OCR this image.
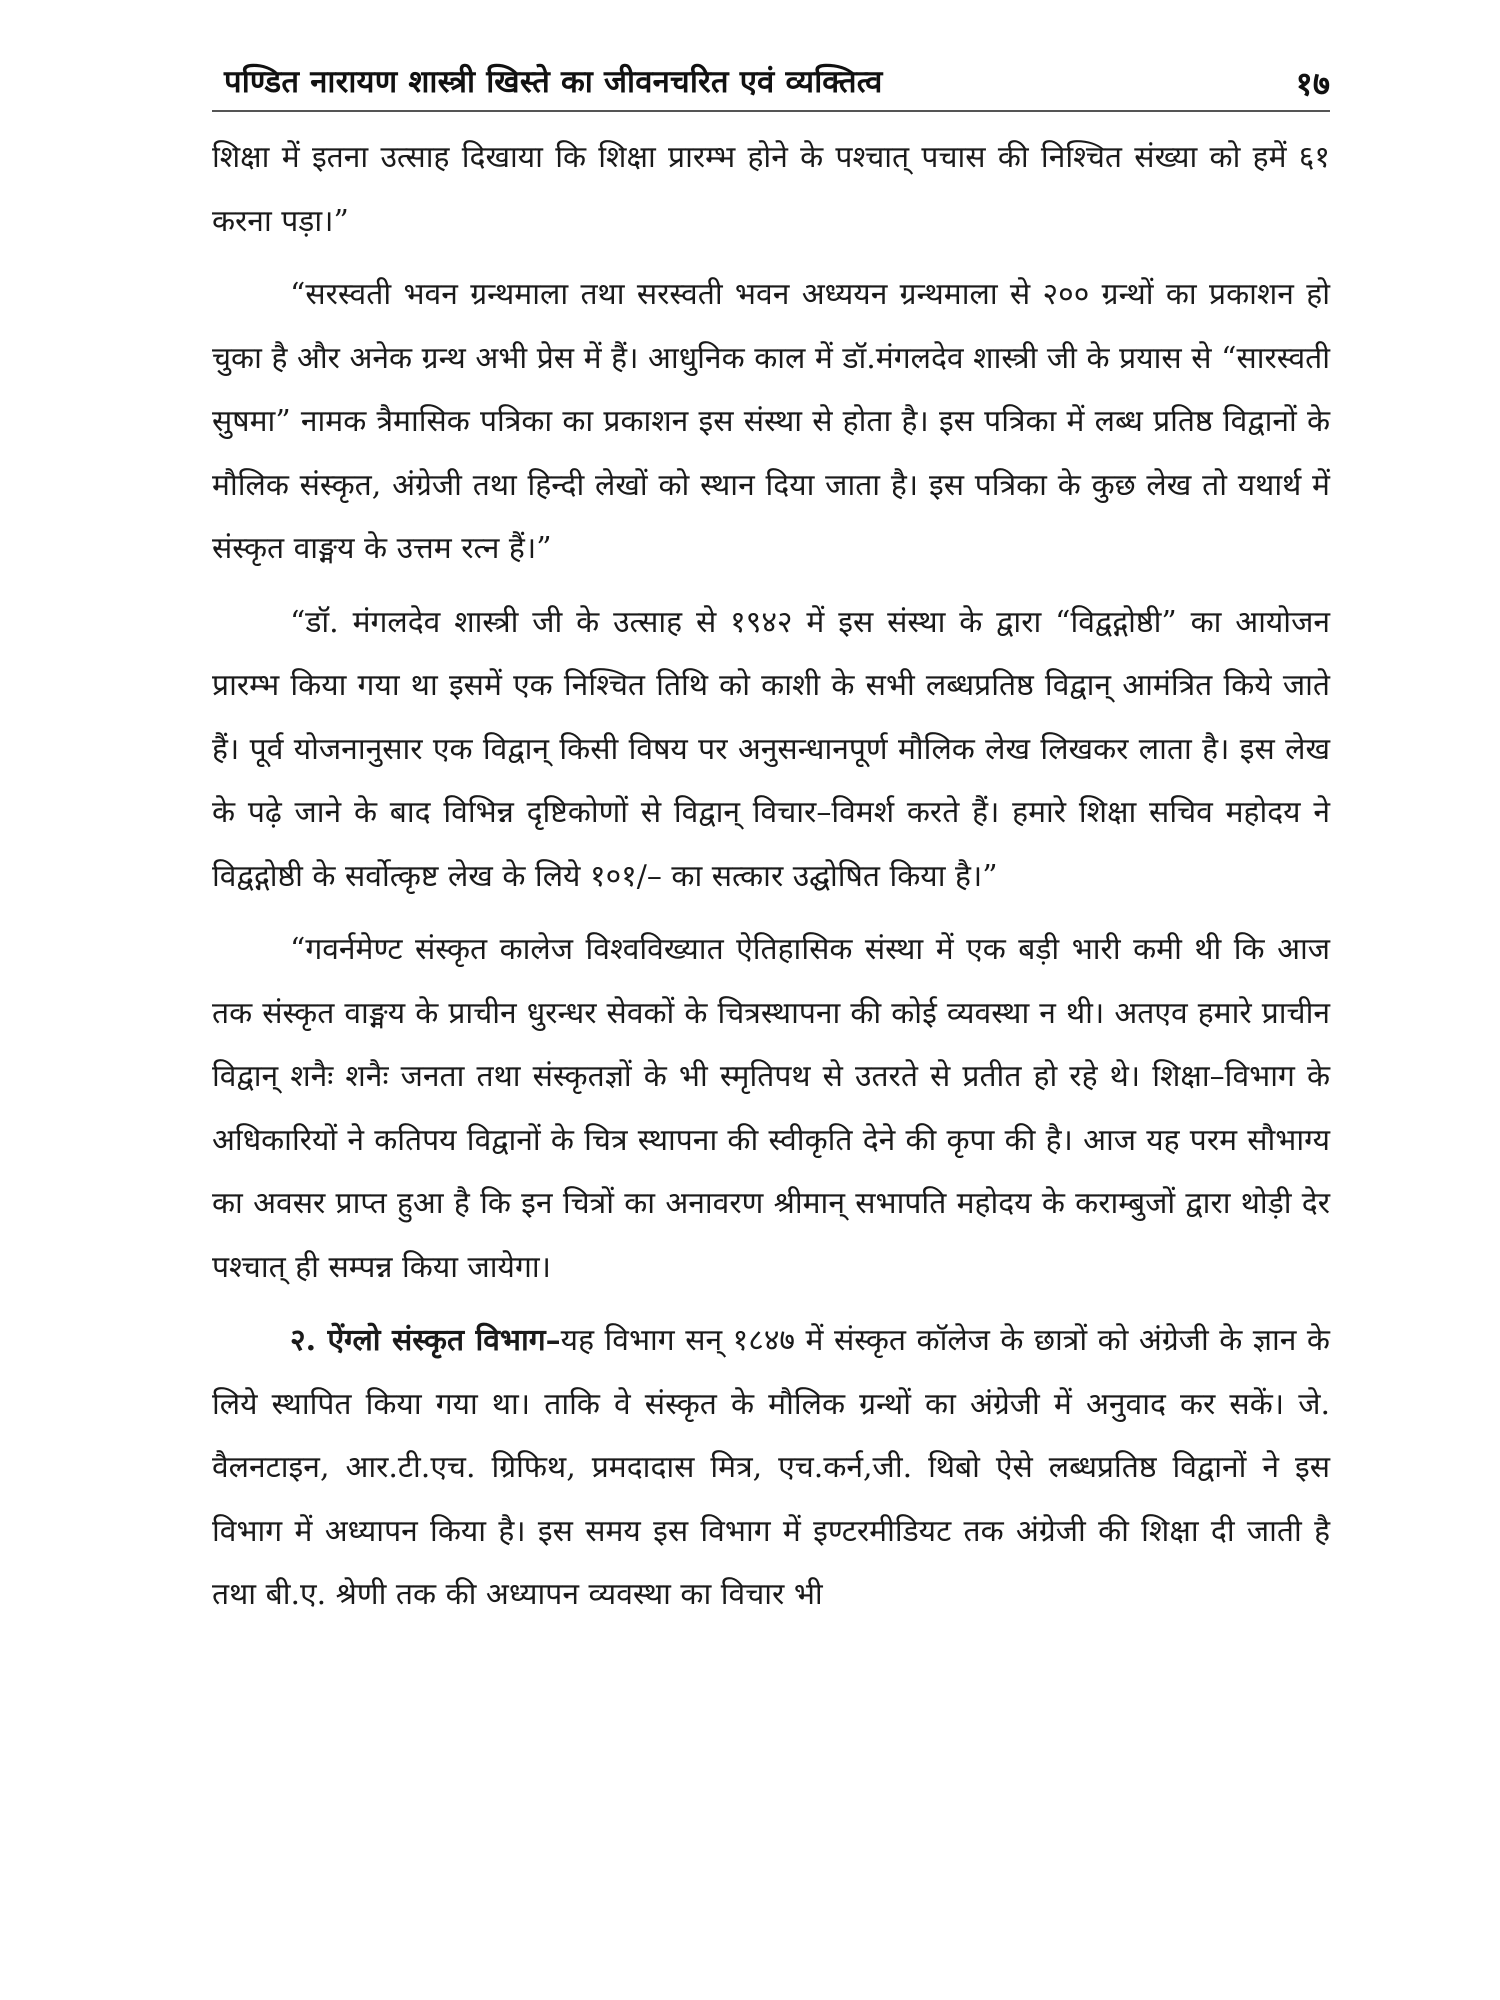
पण्डित नारायण शास्त्री खिस्ते का जीवनचरित एवं व्यक्तित्व	१७

शिक्षा में इतना उत्साह दिखाया कि शिक्षा प्रारम्भ होने के पश्चात् पचास की निश्चित संख्या को हमें ६१ करना पड़ा।”

“सरस्वती भवन ग्रन्थमाला तथा सरस्वती भवन अध्ययन ग्रन्थमाला से २०० ग्रन्थों का प्रकाशन हो चुका है और अनेक ग्रन्थ अभी प्रेस में हैं। आधुनिक काल में डॉ.मंगलदेव शास्त्री जी के प्रयास से “सारस्वती सुषमा” नामक त्रैमासिक पत्रिका का प्रकाशन इस संस्था से होता है। इस पत्रिका में लब्ध प्रतिष्ठ विद्वानों के मौलिक संस्कृत, अंग्रेजी तथा हिन्दी लेखों को स्थान दिया जाता है। इस पत्रिका के कुछ लेख तो यथार्थ में संस्कृत वाङ्मय के उत्तम रत्न हैं।”

“डॉ. मंगलदेव शास्त्री जी के उत्साह से १९४२ में इस संस्था के द्वारा “विद्वद्गोष्ठी” का आयोजन प्रारम्भ किया गया था इसमें एक निश्चित तिथि को काशी के सभी लब्धप्रतिष्ठ विद्वान् आमंत्रित किये जाते हैं। पूर्व योजनानुसार एक विद्वान् किसी विषय पर अनुसन्धानपूर्ण मौलिक लेख लिखकर लाता है। इस लेख के पढ़े जाने के बाद विभिन्न दृष्टिकोणों से विद्वान् विचार–विमर्श करते हैं। हमारे शिक्षा सचिव महोदय ने विद्वद्गोष्ठी के सर्वोत्कृष्ट लेख के लिये १०१/– का सत्कार उद्घोषित किया है।”

“गवर्नमेण्ट संस्कृत कालेज विश्वविख्यात ऐतिहासिक संस्था में एक बड़ी भारी कमी थी कि आज तक संस्कृत वाङ्मय के प्राचीन धुरन्धर सेवकों के चित्रस्थापना की कोई व्यवस्था न थी। अतएव हमारे प्राचीन विद्वान् शनैः शनैः जनता तथा संस्कृतज्ञों के भी स्मृतिपथ से उतरते से प्रतीत हो रहे थे। शिक्षा–विभाग के अधिकारियों ने कतिपय विद्वानों के चित्र स्थापना की स्वीकृति देने की कृपा की है। आज यह परम सौभाग्य का अवसर प्राप्त हुआ है कि इन चित्रों का अनावरण श्रीमान् सभापति महोदय के कराम्बुजों द्वारा थोड़ी देर पश्चात् ही सम्पन्न किया जायेगा।

२. ऐंग्लो संस्कृत विभाग–यह विभाग सन् १८४७ में संस्कृत कॉलेज के छात्रों को अंग्रेजी के ज्ञान के लिये स्थापित किया गया था। ताकि वे संस्कृत के मौलिक ग्रन्थों का अंग्रेजी में अनुवाद कर सकें। जे. वैलनटाइन, आर.टी.एच. ग्रिफिथ, प्रमदादास मित्र, एच.कर्न,जी. थिबो ऐसे लब्धप्रतिष्ठ विद्वानों ने इस विभाग में अध्यापन किया है। इस समय इस विभाग में इण्टरमीडियट तक अंग्रेजी की शिक्षा दी जाती है तथा बी.ए. श्रेणी तक की अध्यापन व्यवस्था का विचार भी
